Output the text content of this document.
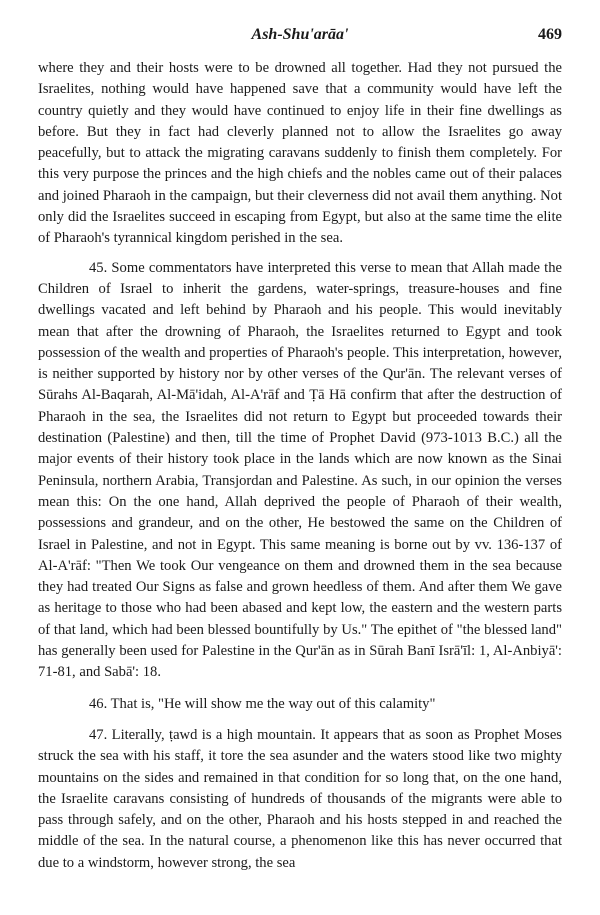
Ash-Shu'arāa'	469

where they and their hosts were to be drowned all together. Had they not pursued the Israelites, nothing would have happened save that a community would have left the country quietly and they would have continued to enjoy life in their fine dwellings as before. But they in fact had cleverly planned not to allow the Israelites go away peacefully, but to attack the migrating caravans suddenly to finish them completely. For this very purpose the princes and the high chiefs and the nobles came out of their palaces and joined Pharaoh in the campaign, but their cleverness did not avail them anything. Not only did the Israelites succeed in escaping from Egypt, but also at the same time the elite of Pharaoh's tyrannical kingdom perished in the sea.

45. Some commentators have interpreted this verse to mean that Allah made the Children of Israel to inherit the gardens, water-springs, treasure-houses and fine dwellings vacated and left behind by Pharaoh and his people. This would inevitably mean that after the drowning of Pharaoh, the Israelites returned to Egypt and took possession of the wealth and properties of Pharaoh's people. This interpretation, however, is neither supported by history nor by other verses of the Qur'ān. The relevant verses of Sūrahs Al-Baqarah, Al-Mā'idah, Al-A'rāf and Ṭā Hā confirm that after the destruction of Pharaoh in the sea, the Israelites did not return to Egypt but proceeded towards their destination (Palestine) and then, till the time of Prophet David (973-1013 B.C.) all the major events of their history took place in the lands which are now known as the Sinai Peninsula, northern Arabia, Transjordan and Palestine. As such, in our opinion the verses mean this: On the one hand, Allah deprived the people of Pharaoh of their wealth, possessions and grandeur, and on the other, He bestowed the same on the Children of Israel in Palestine, and not in Egypt. This same meaning is borne out by vv. 136-137 of Al-A'rāf: "Then We took Our vengeance on them and drowned them in the sea because they had treated Our Signs as false and grown heedless of them. And after them We gave as heritage to those who had been abased and kept low, the eastern and the western parts of that land, which had been blessed bountifully by Us." The epithet of "the blessed land" has generally been used for Palestine in the Qur'ān as in Sūrah Banī Isrā'īl: 1, Al-Anbiyā': 71-81, and Sabā': 18.

46. That is, "He will show me the way out of this calamity"

47. Literally, ṭawd is a high mountain. It appears that as soon as Prophet Moses struck the sea with his staff, it tore the sea asunder and the waters stood like two mighty mountains on the sides and remained in that condition for so long that, on the one hand, the Israelite caravans consisting of hundreds of thousands of the migrants were able to pass through safely, and on the other, Pharaoh and his hosts stepped in and reached the middle of the sea. In the natural course, a phenomenon like this has never occurred that due to a windstorm, however strong, the sea
